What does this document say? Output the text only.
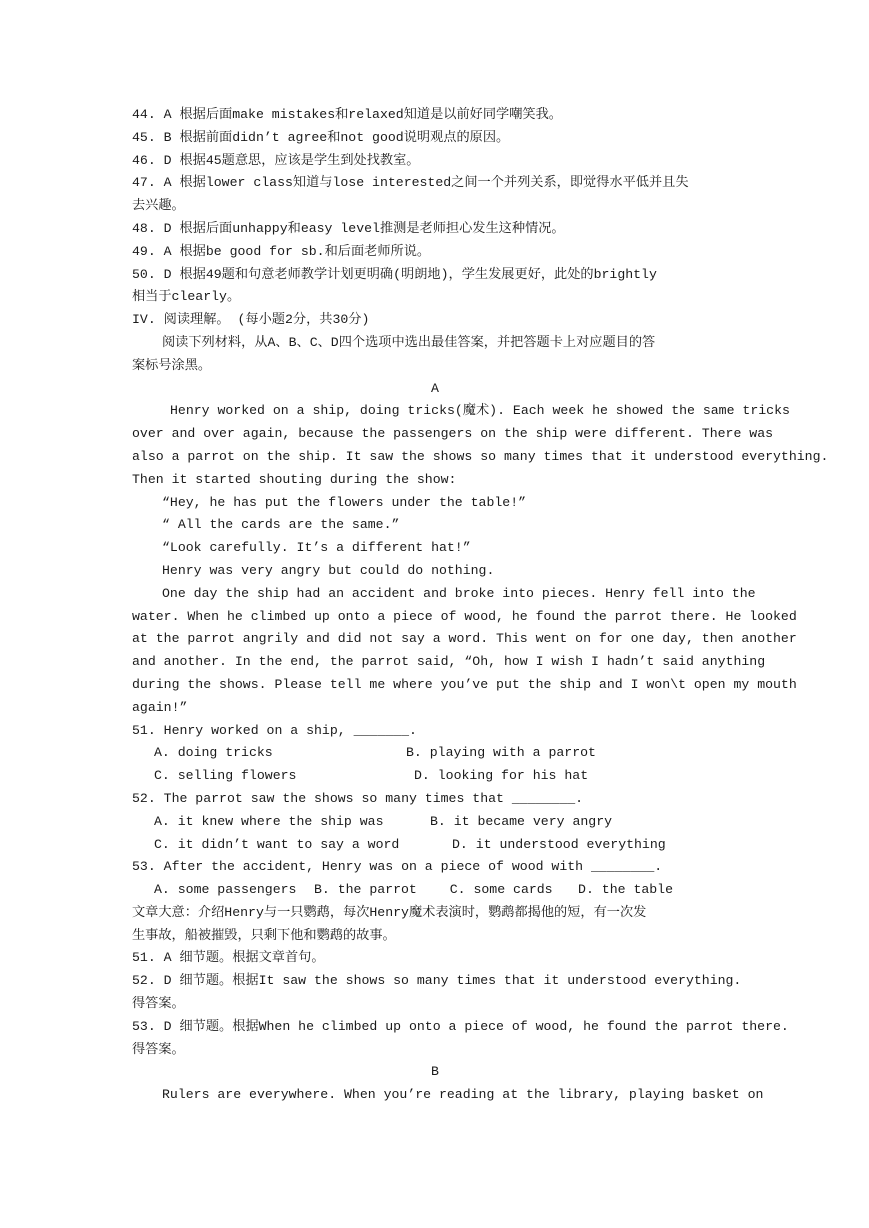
44. A 根据后面make mistakes和relaxed知道是以前好同学嘲笑我。
45. B 根据前面didn’t agree和not good说明观点的原因。
46. D 根据45题意思，应该是学生到处找教室。
47. A 根据lower class知道与lose interested之间一个并列关系，即觉得水平低并且失
去兴趣。
48. D 根据后面unhappy和easy level推测是老师担心发生这种情况。
49. A 根据be good for sb.和后面老师所说。
50. D 根据49题和句意老师教学计划更明确(明朗地)，学生发展更好，此处的brightly
相当于clearly。
IV. 阅读理解。 (每小题2分，共30分)
阅读下列材料，从A、B、C、D四个选项中选出最佳答案，并把答题卡上对应题目的答
案标号涂黑。
A
Henry worked on a ship, doing tricks(魔术). Each week he showed the same tricks
over and over again, because the passengers on the ship were different. There was
also a parrot on the ship. It saw the shows so many times that it understood everything.
Then it started shouting during the show:
“Hey, he has put the flowers under the table!”
“ All the cards are the same.”
“Look carefully. It’s a different hat!”
Henry was very angry but could do nothing.
One day the ship had an accident and broke into pieces. Henry fell into the
water. When he climbed up onto a piece of wood, he found the parrot there. He looked
at the parrot angrily and did not say a word. This went on for one day, then another
and another. In the end, the parrot said, “Oh, how I wish I hadn’t said anything
during the shows. Please tell me where you’ve put the ship and I won\t open my mouth
again!”
51. Henry worked on a ship, _______.
A. doing tricks	B. playing with a parrot
C. selling flowers	D. looking for his hat
52. The parrot saw the shows so many times that ________.
A. it knew where the ship was	B. it became very angry
C. it didn’t want to say a word	D. it understood everything
53. After the accident, Henry was on a piece of wood with ________.
A. some passengers	B. the parrot	C. some cards	D. the table
文章大意：介绍Henry与一只鹦鹉，每次Henry魔术表演时，鹦鹉都揭他的短，有一次发
生事故，船被摧毁，只剩下他和鹦鹉的故事。
51. A 细节题。根据文章首句。
52. D 细节题。根据It saw the shows so many times that it understood everything.
得答案。
53. D 细节题。根据When he climbed up onto a piece of wood, he found the parrot there.
得答案。
B
Rulers are everywhere. When you’re reading at the library, playing basket on
